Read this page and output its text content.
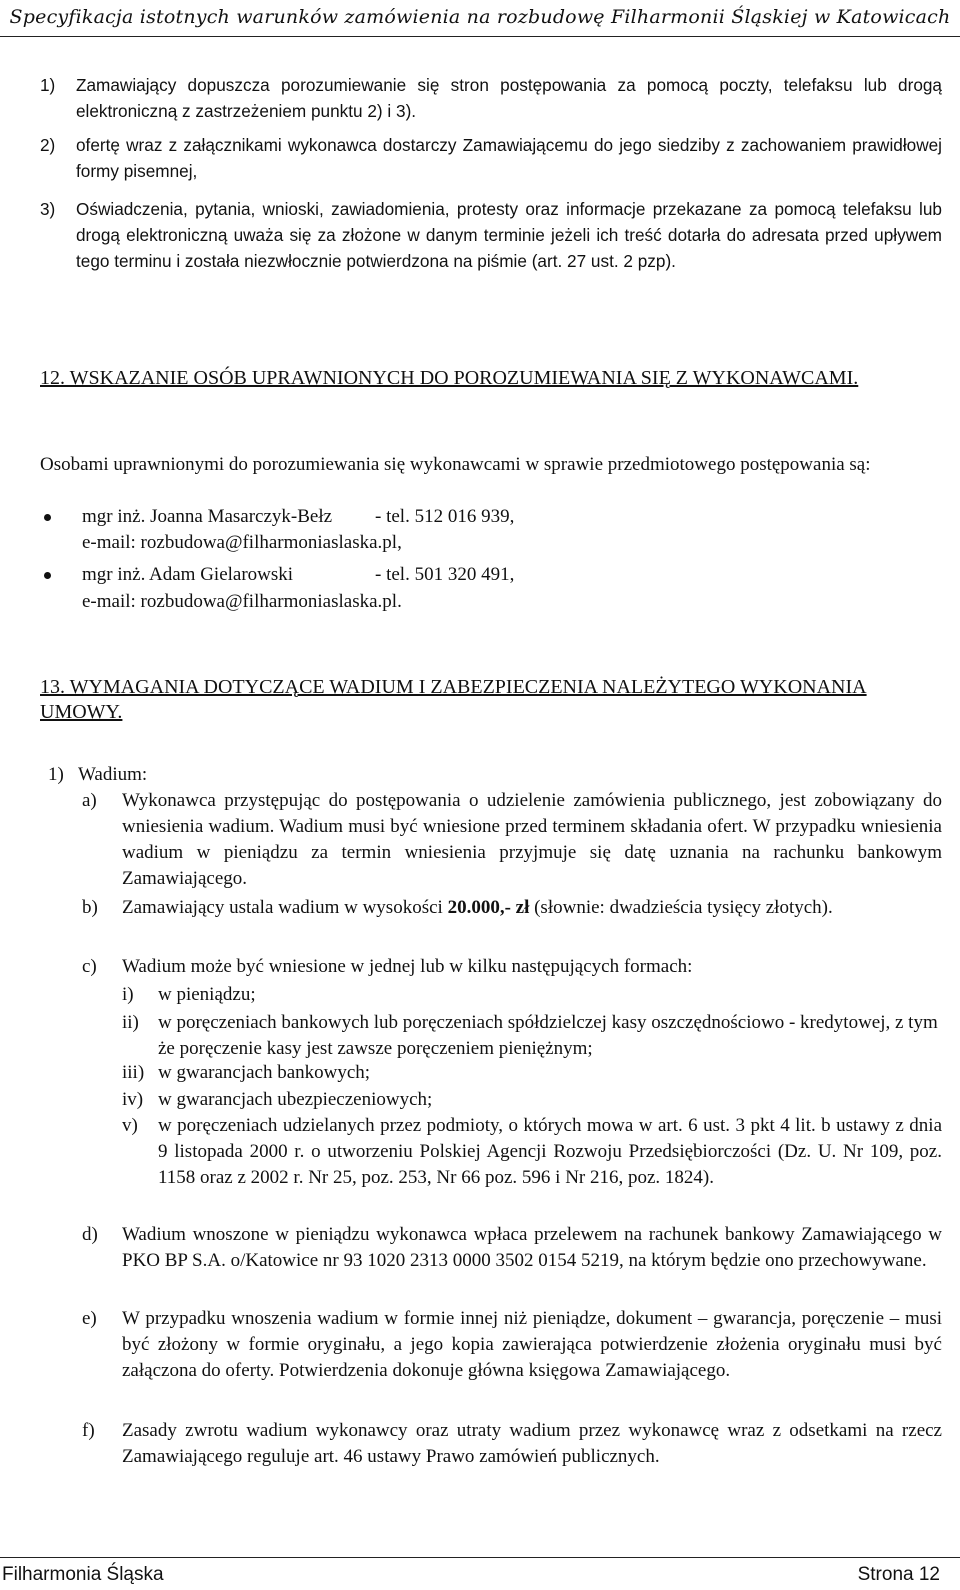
Specyfikacja istotnych warunków zamówienia na rozbudowę Filharmonii Śląskiej w Katowicach
1) Zamawiający dopuszcza porozumiewanie się stron postępowania za pomocą poczty, telefaksu lub drogą elektroniczną z zastrzeżeniem punktu 2) i 3).
2) ofertę wraz z załącznikami wykonawca dostarczy Zamawiającemu do jego siedziby z zachowaniem prawidłowej formy pisemnej,
3) Oświadczenia, pytania, wnioski, zawiadomienia, protesty oraz informacje przekazane za pomocą telefaksu lub drogą elektroniczną uważa się za złożone w danym terminie jeżeli ich treść dotarła do adresata przed upływem tego terminu i została niezwłocznie potwierdzona na piśmie (art. 27 ust. 2 pzp).
12. WSKAZANIE OSÓB UPRAWNIONYCH DO POROZUMIEWANIA SIĘ Z WYKONAWCAMI.
Osobami uprawnionymi do porozumiewania się wykonawcami w sprawie przedmiotowego postępowania są:
mgr inż. Joanna Masarczyk-Bełz - tel. 512 016 939,
e-mail: rozbudowa@filharmoniaslaska.pl,
mgr inż. Adam Gielarowski	- tel. 501 320 491,
e-mail: rozbudowa@filharmoniaslaska.pl.
13. WYMAGANIA DOTYCZĄCE WADIUM I ZABEZPIECZENIA NALEŻYTEGO WYKONANIA UMOWY.
1) Wadium:
a) Wykonawca przystępując do postępowania o udzielenie zamówienia publicznego, jest zobowiązany do wniesienia wadium. Wadium musi być wniesione przed terminem składania ofert. W przypadku wniesienia wadium w pieniądzu za termin wniesienia przyjmuje się datę uznania na rachunku bankowym Zamawiającego.
b) Zamawiający ustala wadium w wysokości 20.000,- zł (słownie: dwadzieścia tysięcy złotych).
c) Wadium może być wniesione w jednej lub w kilku następujących formach:
i) w pieniądzu;
ii) w poręczeniach bankowych lub poręczeniach spółdzielczej kasy oszczędnościowo - kredytowej, z tym że poręczenie kasy jest zawsze poręczeniem pieniężnym;
iii) w gwarancjach bankowych;
iv) w gwarancjach ubezpieczeniowych;
v) w poręczeniach udzielanych przez podmioty, o których mowa w art. 6 ust. 3 pkt 4 lit. b ustawy z dnia 9 listopada 2000 r. o utworzeniu Polskiej Agencji Rozwoju Przedsiębiorczości (Dz. U. Nr 109, poz. 1158 oraz z 2002 r. Nr 25, poz. 253, Nr 66 poz. 596 i Nr 216, poz. 1824).
d) Wadium wnoszone w pieniądzu wykonawca wpłaca przelewem na rachunek bankowy Zamawiającego w PKO BP S.A. o/Katowice nr 93 1020 2313 0000 3502 0154 5219, na którym będzie ono przechowywane.
e) W przypadku wnoszenia wadium w formie innej niż pieniądze, dokument – gwarancja, poręczenie – musi być złożony w formie oryginału, a jego kopia zawierająca potwierdzenie złożenia oryginału musi być załączona do oferty. Potwierdzenia dokonuje główna księgowa Zamawiającego.
f) Zasady zwrotu wadium wykonawcy oraz utraty wadium przez wykonawcę wraz z odsetkami na rzecz Zamawiającego reguluje art. 46 ustawy Prawo zamówień publicznych.
Filharmonia Śląska	Strona 12
